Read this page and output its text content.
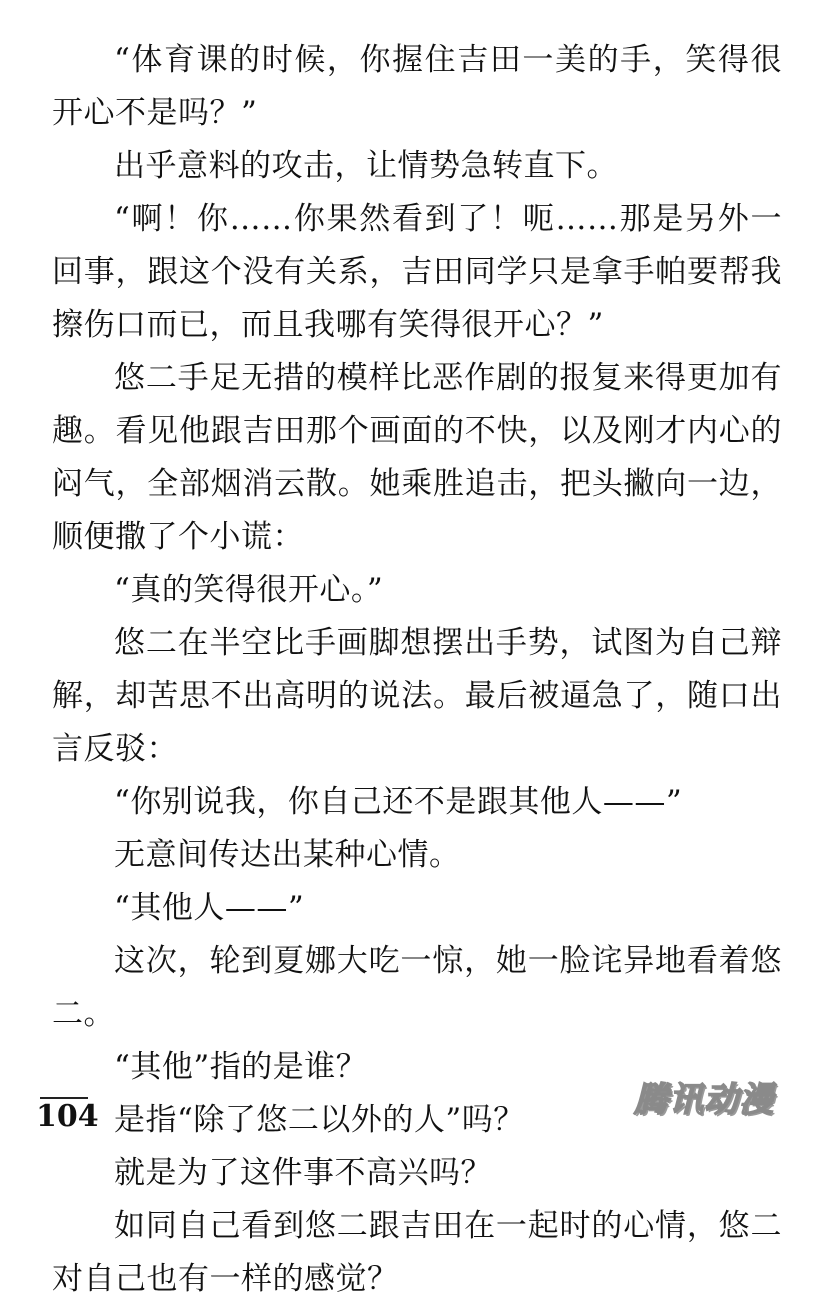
“体育课的时候，你握住吉田一美的手，笑得很开心不是吗？”

出乎意料的攻击，让情势急转直下。

“啊！你……你果然看到了！呃……那是另外一回事，跟这个没有关系，吉田同学只是拿手帕要帮我擦伤口而已，而且我哪有笑得很开心？”

悠二手足无措的模样比恶作剧的报复来得更加有趣。看见他跟吉田那个画面的不快，以及刚才内心的闷气，全部烟消云散。她乘胜追击，把头撇向一边，顺便撒了个小谎：

“真的笑得很开心。”

悠二在半空比手画脚想摆出手势，试图为自己辩解，却苦思不出高明的说法。最后被逼急了，随口出言反驳：

“你别说我，你自己还不是跟其他人——”

无意间传达出某种心情。

“其他人——”

这次，轮到夏娜大吃一惊，她一脸诧异地看着悠二。

“其他”指的是谁？

是指“除了悠二以外的人”吗？

就是为了这件事不高兴吗？

如同自己看到悠二跟吉田在一起时的心情，悠二对自己也有一样的感觉？

104	腾讯动漫
